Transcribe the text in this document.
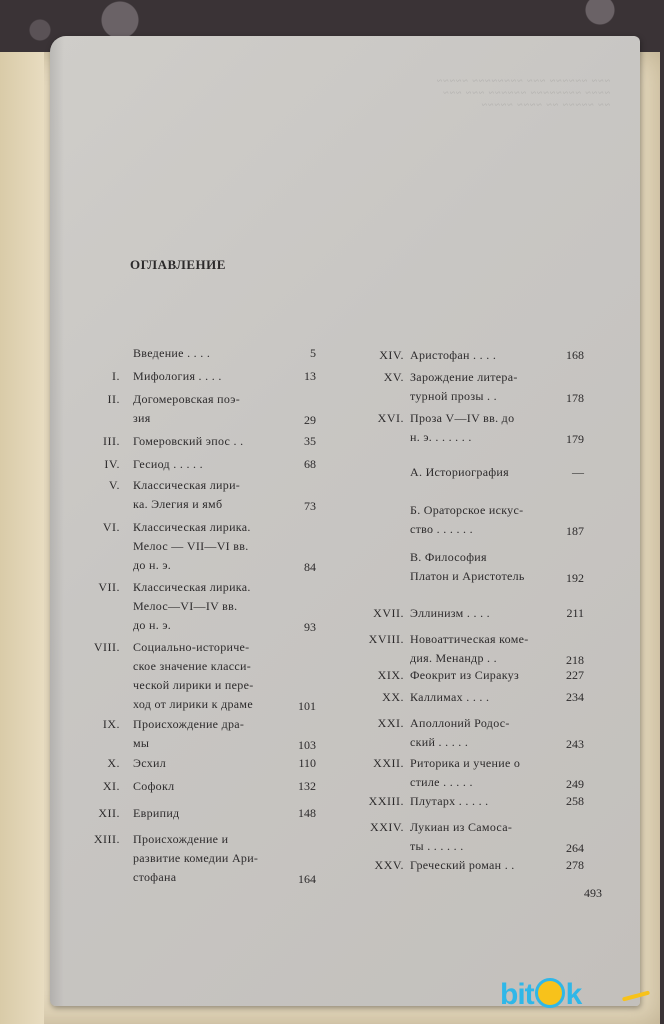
~~~ ~~~~~~ ~~~ ~~~~~~~~ ~~~~~
~~~~ ~~~~~~~~ ~~~~~~ ~~~ ~~~
~~ ~~~~~ ~~ ~~~~ ~~~~~
ОГЛАВЛЕНИЕ
Введение . . . .	5
I. Мифология . . . .	13
II. Догомеровская поэ-
зия	29
III. Гомеровский эпос . .	35
IV. Гесиод . . . . .	68
V. Классическая лири-
ка. Элегия и ямб	73
VI. Классическая лирика.
Мелос — VII—VI вв.
до н. э.	84
VII. Классическая лирика.
Мелос—VI—IV вв.
до н. э.	93
VIII. Социально-историче-
ское значение класси-
ческой лирики и пере-
ход от лирики к драме	101
IX. Происхождение дра-
мы	103
X. Эсхил	110
XI. Софокл	132
XII. Еврипид	148
XIII. Происхождение и
развитие комедии Ари-
стофана	164
XIV. Аристофан . . . .	168
XV. Зарождение литера-
турной прозы . .	178
XVI. Проза V—IV вв. до
н. э. . . . . . .	179
А. Историография	—
Б. Ораторское искус-
ство . . . . . .	187
В. Философия
Платон и Аристотель	192
XVII. Эллинизм . . . .	211
XVIII. Новоаттическая коме-
дия. Менандр . .	218
XIX. Феокрит из Сиракуз	227
XX. Каллимах . . . .	234
XXI. Аполлоний Родос-
ский . . . . .	243
XXII. Риторика и учение о
стиле . . . . .	249
XXIII. Плутарх . . . . .	258
XXIV. Лукиан из Самоса-
ты . . . . . .	264
XXV. Греческий роман . .	278
493
bit k
